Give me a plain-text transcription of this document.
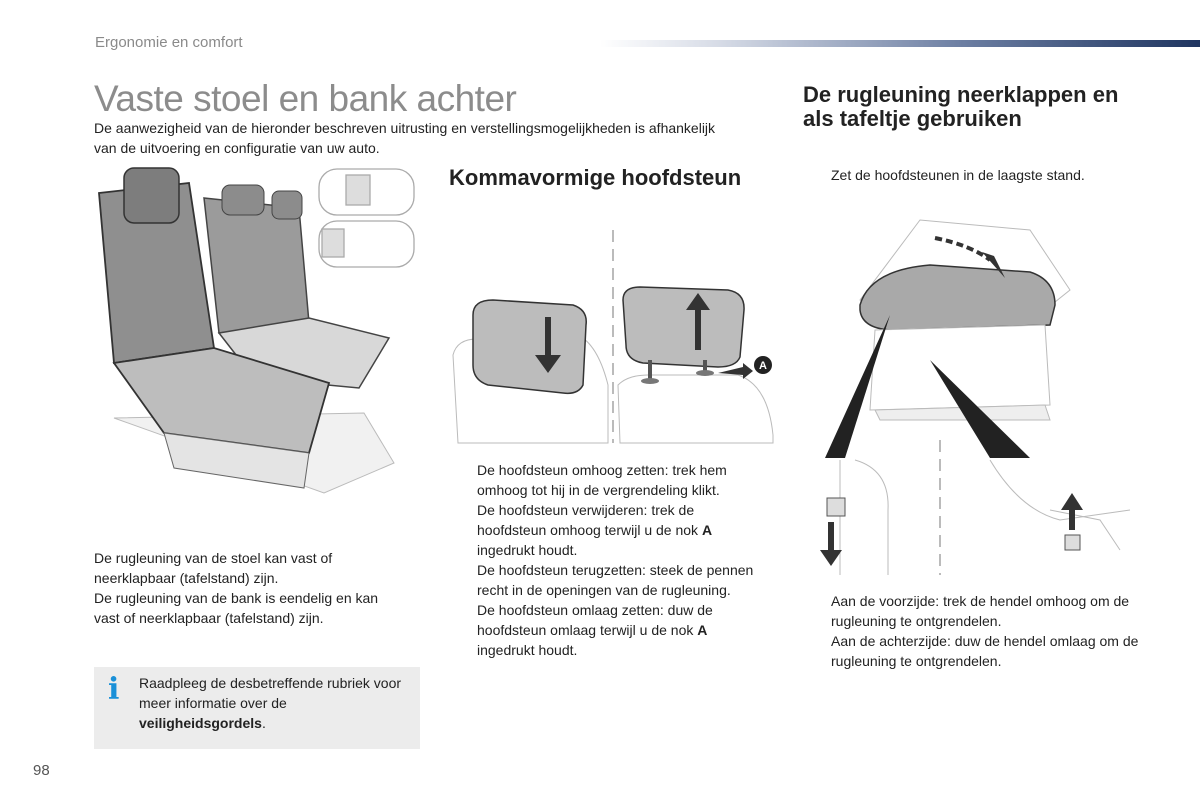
Ergonomie en comfort
Vaste stoel en bank achter
De aanwezigheid van de hieronder beschreven uitrusting en verstellingsmogelijkheden is afhankelijk van de uitvoering en configuratie van uw auto.
De rugleuning neerklappen en als tafeltje gebruiken
Kommavormige hoofdsteun
De rugleuning van de stoel kan vast of
neerklapbaar (tafelstand) zijn.
De rugleuning van de bank is eendelig en kan
vast of neerklapbaar (tafelstand) zijn.
i Raadpleeg de desbetreffende rubriek voor meer informatie over de veiligheidsgordels.
A
De hoofdsteun omhoog zetten: trek hem omhoog tot hij in de vergrendeling klikt.
De hoofdsteun verwijderen: trek de hoofdsteun omhoog terwijl u de nok A ingedrukt houdt.
De hoofdsteun terugzetten: steek de pennen recht in de openingen van de rugleuning.
De hoofdsteun omlaag zetten: duw de hoofdsteun omlaag terwijl u de nok A ingedrukt houdt.
Zet de hoofdsteunen in de laagste stand.
Aan de voorzijde: trek de hendel omhoog om de rugleuning te ontgrendelen.
Aan de achterzijde: duw de hendel omlaag om de rugleuning te ontgrendelen.
98
